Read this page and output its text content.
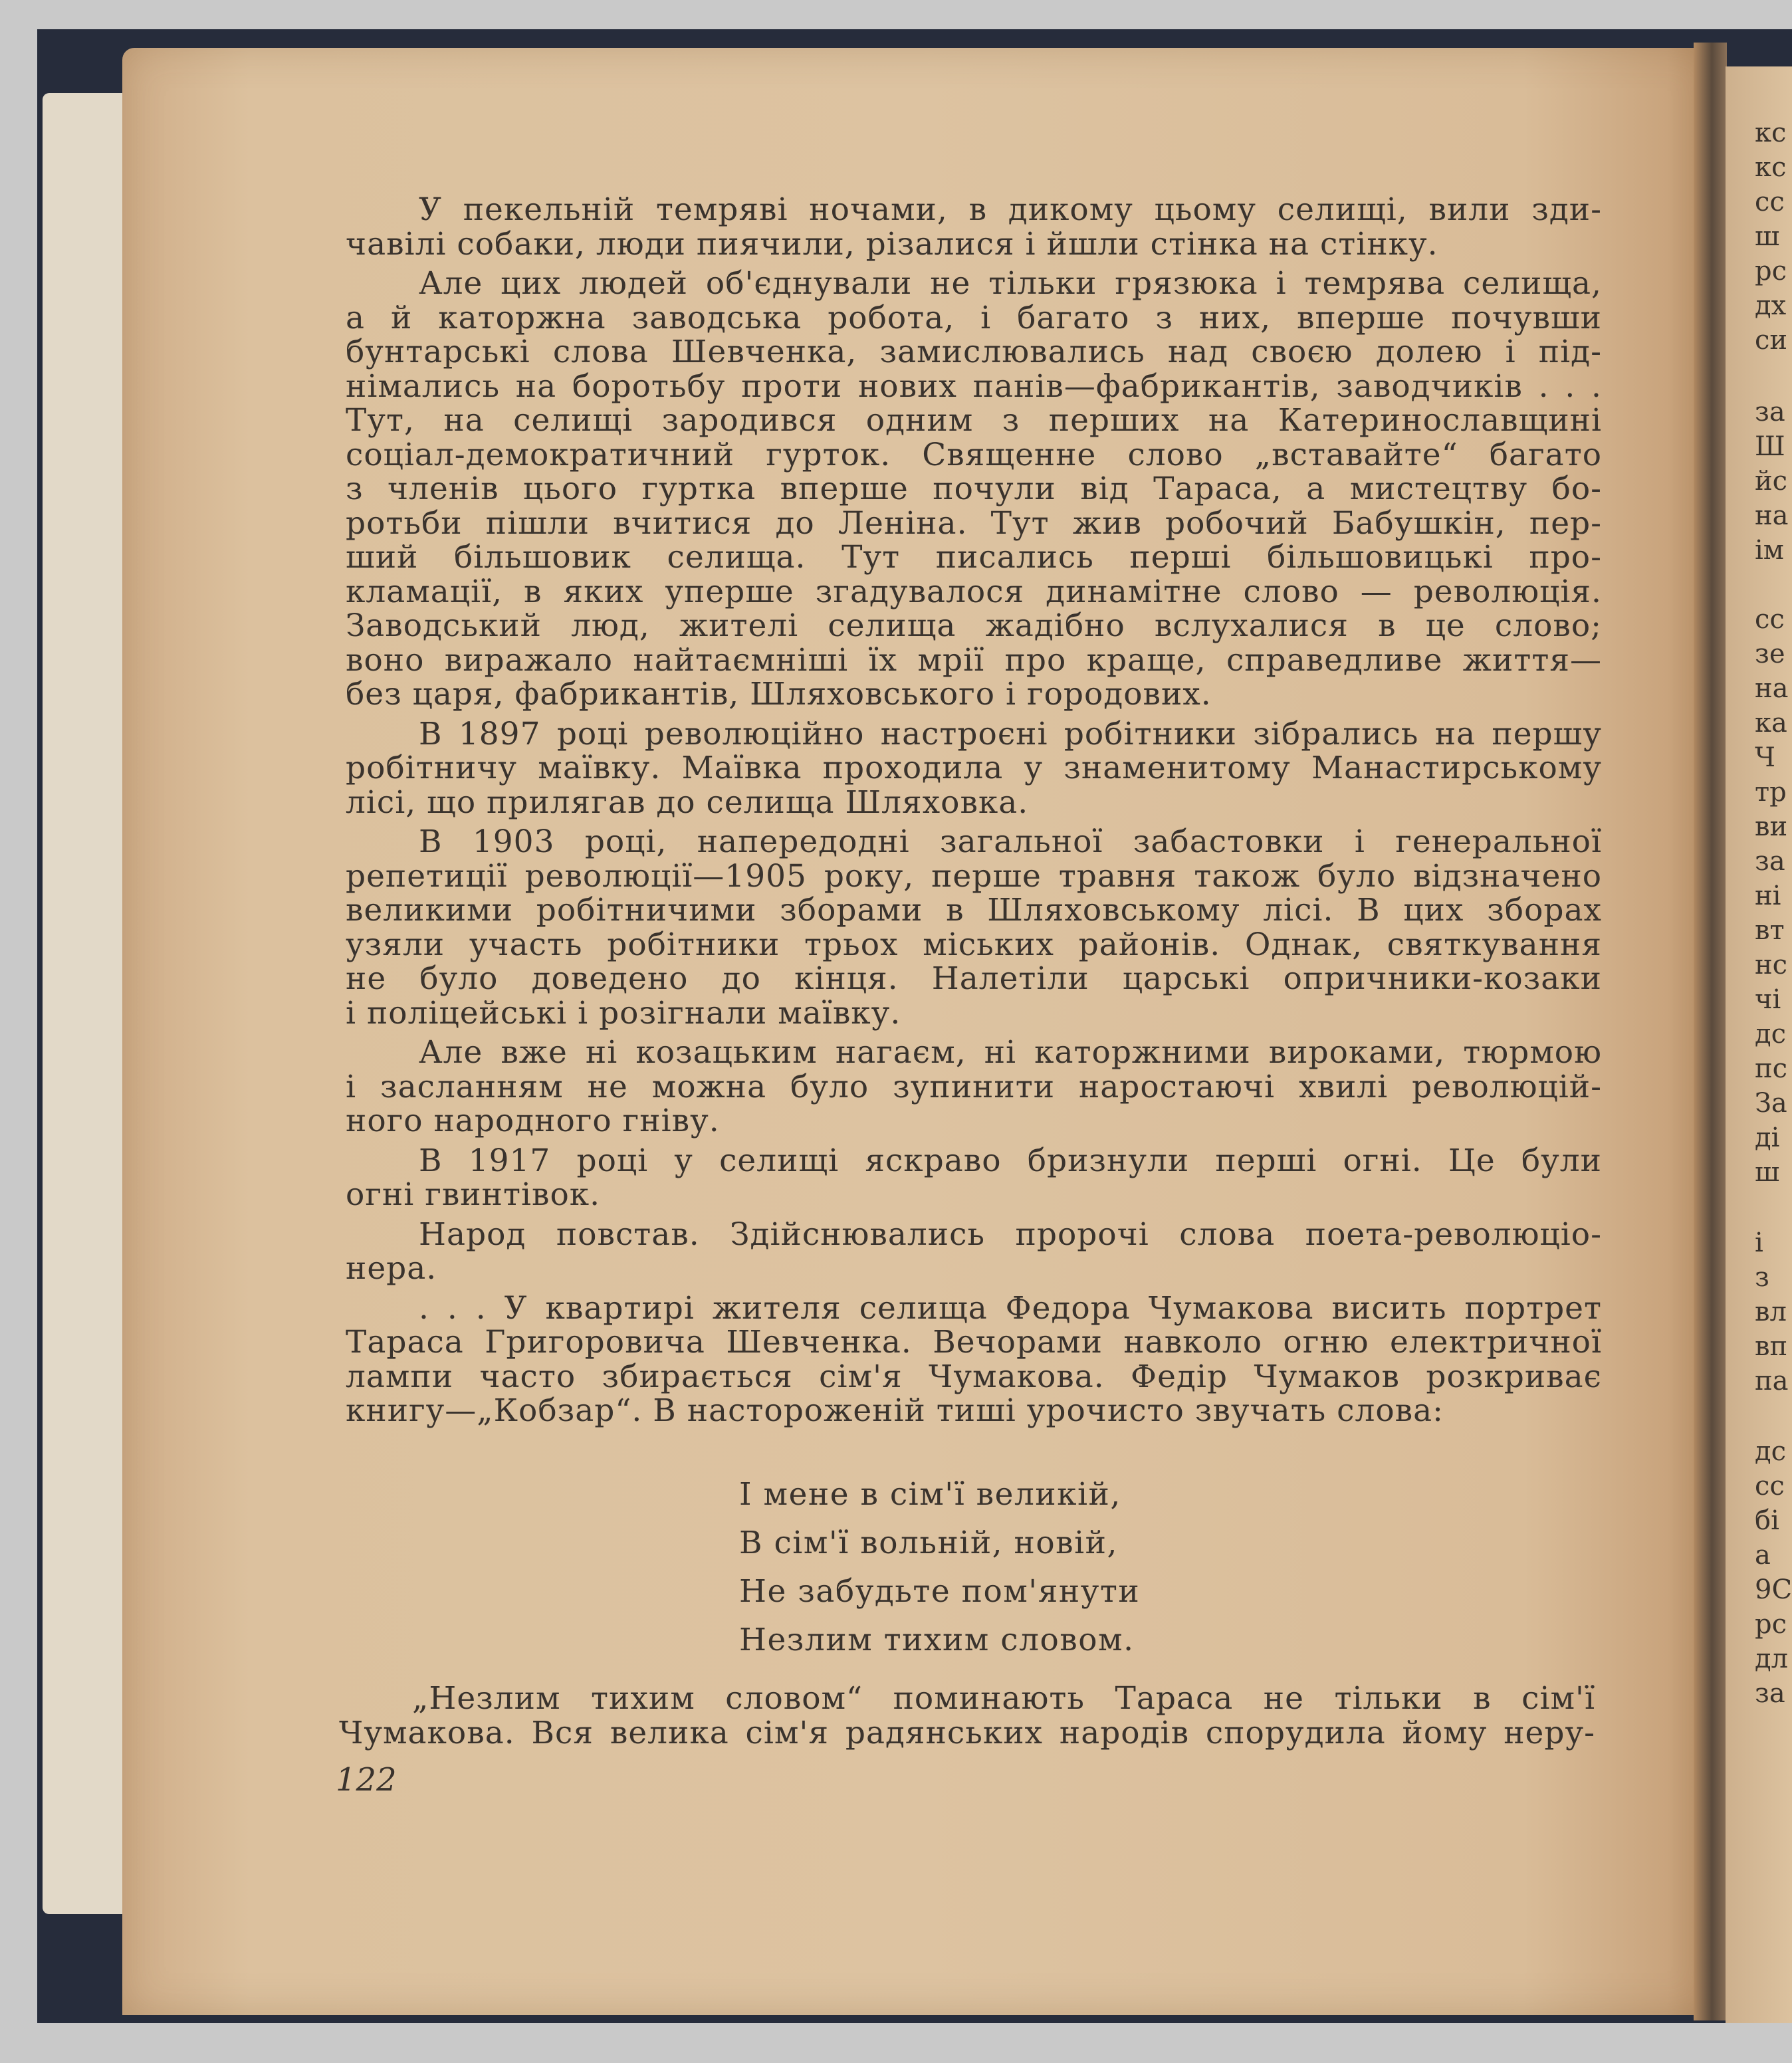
кс
кс
сс
ш
рс
дх
си
за
Ш
йс
на
ім
сс
зе
на
ка
Ч
тр
ви
за
ні
вт
нс
чі
дс
пс
За
ді
ш
і
з
вл
вп
па
дс
сс
бі
а
9С
рс
дл
за
У пекельній темряві ночами, в дикому цьому селищі, вили зди-
чавілі собаки, люди пиячили, різалися і йшли стінка на стінку.
Але цих людей об'єднували не тільки грязюка і темрява селища,
а й каторжна заводська робота, і багато з них, вперше почувши
бунтарські слова Шевченка, замислювались над своєю долею і під-
німались на боротьбу проти нових панів—фабрикантів, заводчиків . . .
Тут, на селищі зародився одним з перших на Катеринославщині
соціал-демократичний гурток. Священне слово „вставайте“ багато
з членів цього гуртка вперше почули від Тараса, а мистецтву бо-
ротьби пішли вчитися до Леніна. Тут жив робочий Бабушкін, пер-
ший більшовик селища. Тут писались перші більшовицькі про-
кламації, в яких уперше згадувалося динамітне слово — революція.
Заводський люд, жителі селища жадібно вслухалися в це слово;
воно виражало найтаємніші їх мрії про краще, справедливе життя—
без царя, фабрикантів, Шляховського і городових.
В 1897 році революційно настроєні робітники зібрались на першу
робітничу маївку. Маївка проходила у знаменитому Манастирському
лісі, що прилягав до селища Шляховка.
В 1903 році, напередодні загальної забастовки і генеральної
репетиції революції—1905 року, перше травня також було відзначено
великими робітничими зборами в Шляховському лісі. В цих зборах
узяли участь робітники трьох міських районів. Однак, святкування
не було доведено до кінця. Налетіли царські опричники-козаки
і поліцейські і розігнали маївку.
Але вже ні козацьким нагаєм, ні каторжними вироками, тюрмою
і засланням не можна було зупинити наростаючі хвилі революцій-
ного народного гніву.
В 1917 році у селищі яскраво бризнули перші огні. Це були
огні гвинтівок.
Народ повстав. Здійснювались пророчі слова поета-революціо-
нера.
. . . У квартирі жителя селища Федора Чумакова висить портрет
Тараса Григоровича Шевченка. Вечорами навколо огню електричної
лампи часто збирається сім'я Чумакова. Федір Чумаков розкриває
книгу—„Кобзар“. В настороженій тиші урочисто звучать слова:
І мене в сім'ї великій,
В сім'ї вольній, новій,
Не забудьте пом'янути
Незлим тихим словом.
„Незлим тихим словом“ поминають Тараса не тільки в сім'ї
Чумакова. Вся велика сім'я радянських народів спорудила йому неру-
122
